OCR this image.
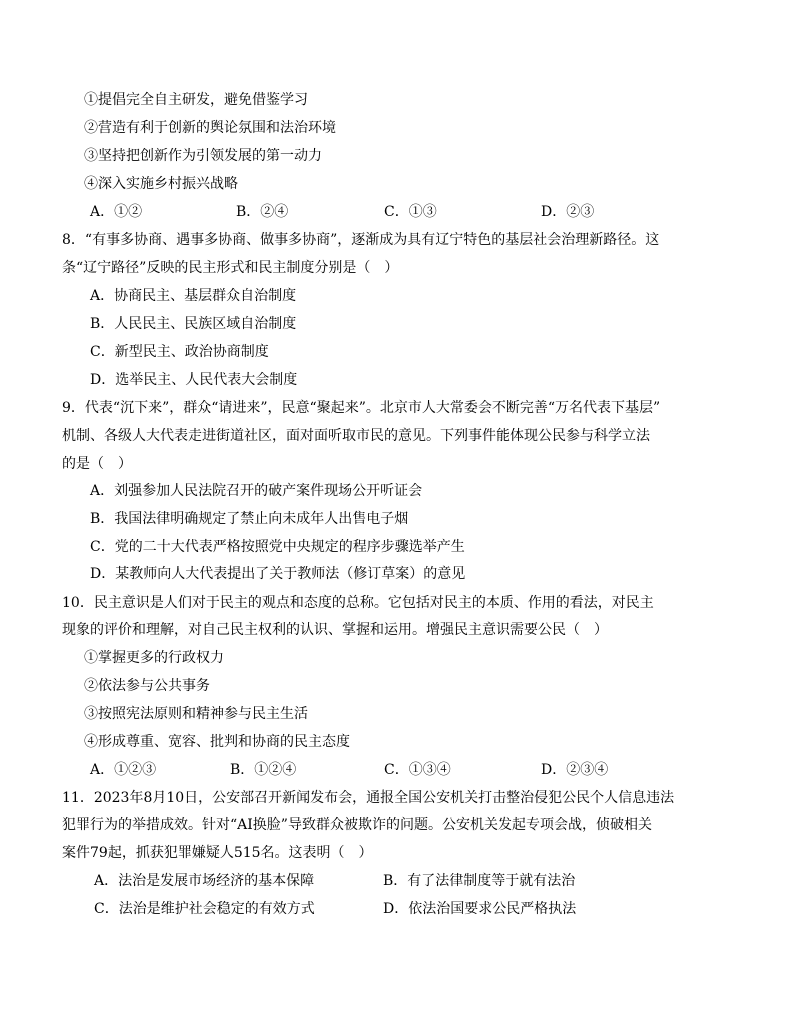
①提倡完全自主研发，避免借鉴学习
②营造有利于创新的舆论氛围和法治环境
③坚持把创新作为引领发展的第一动力
④深入实施乡村振兴战略
A．①②	B．②④	C．①③	D．②③
8．“有事多协商、遇事多协商、做事多协商”，逐渐成为具有辽宁特色的基层社会治理新路径。这
条“辽宁路径”反映的民主形式和民主制度分别是（　）
A．协商民主、基层群众自治制度
B．人民民主、民族区域自治制度
C．新型民主、政治协商制度
D．选举民主、人民代表大会制度
9．代表“沉下来”，群众“请进来”，民意“聚起来”。北京市人大常委会不断完善“万名代表下基层”
机制、各级人大代表走进街道社区，面对面听取市民的意见。下列事件能体现公民参与科学立法
的是（　）
A．刘强参加人民法院召开的破产案件现场公开听证会
B．我国法律明确规定了禁止向未成年人出售电子烟
C．党的二十大代表严格按照党中央规定的程序步骤选举产生
D．某教师向人大代表提出了关于教师法（修订草案）的意见
10．民主意识是人们对于民主的观点和态度的总称。它包括对民主的本质、作用的看法，对民主
现象的评价和理解，对自己民主权利的认识、掌握和运用。增强民主意识需要公民（　）
①掌握更多的行政权力
②依法参与公共事务
③按照宪法原则和精神参与民主生活
④形成尊重、宽容、批判和协商的民主态度
A．①②③	B．①②④	C．①③④	D．②③④
11．2023年8月10日，公安部召开新闻发布会，通报全国公安机关打击整治侵犯公民个人信息违法
犯罪行为的举措成效。针对“AI换脸”导致群众被欺诈的问题。公安机关发起专项会战，侦破相关
案件79起，抓获犯罪嫌疑人515名。这表明（　）
A．法治是发展市场经济的基本保障	B．有了法律制度等于就有法治
C．法治是维护社会稳定的有效方式	D．依法治国要求公民严格执法
